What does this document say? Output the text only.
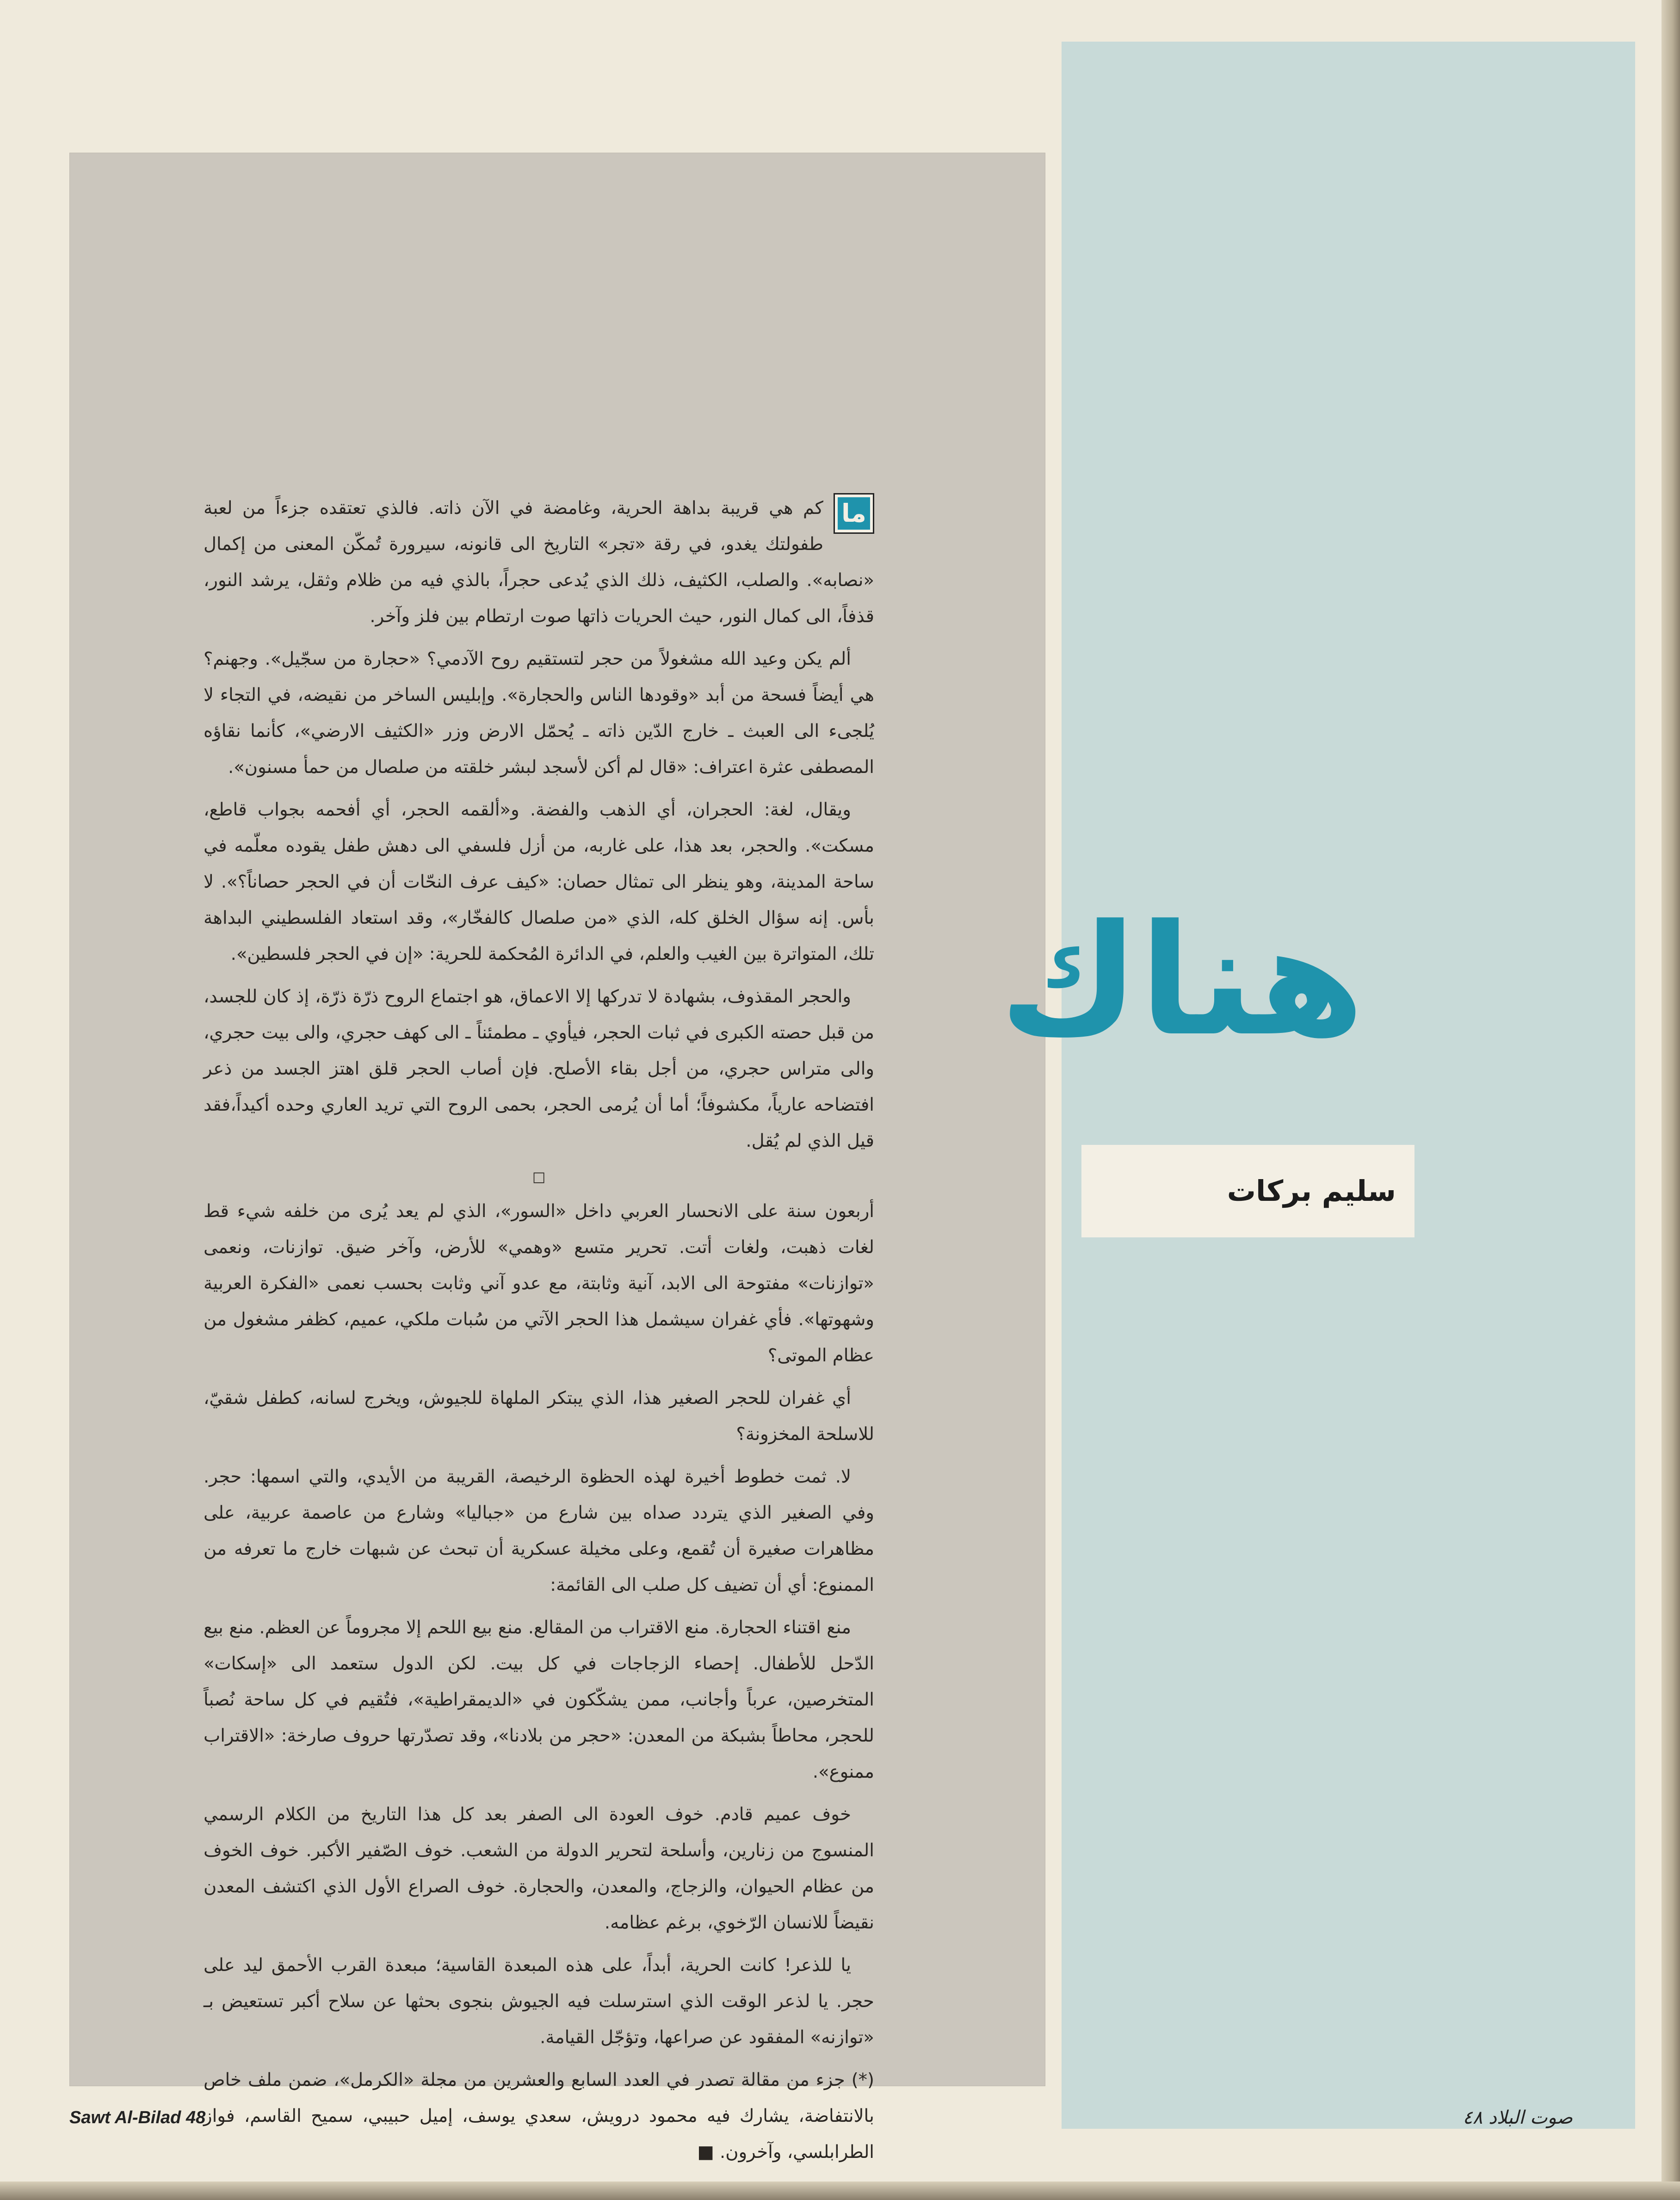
هناك
سليم بركات
ما

كم هي قريبة بداهة الحرية، وغامضة في الآن ذاته. فالذي تعتقده جزءاً من لعبة طفولتك يغدو، في رقة «تجر» التاريخ الى قانونه، سيرورة تُمكّن المعنى من إكمال «نصابه». والصلب، الكثيف، ذلك الذي يُدعى حجراً، بالذي فيه من ظلام وثقل، يرشد النور، قذفاً، الى كمال النور، حيث الحريات ذاتها صوت ارتطام بين فلز وآخر.

ألم يكن وعيد الله مشغولاً من حجر لتستقيم روح الآدمي؟ «حجارة من سجّيل». وجهنم؟ هي أيضاً فسحة من أبد «وقودها الناس والحجارة». وإبليس الساخر من نقيضه، في التجاء لا يُلجىء الى العبث ـ خارج الدّين ذاته ـ يُحمّل الارض وزر «الكثيف الارضي»، كأنما نقاؤه المصطفى عثرة اعتراف: «قال لم أكن لأسجد لبشر خلقته من صلصال من حمأ مسنون».

ويقال، لغة: الحجران، أي الذهب والفضة. و«ألقمه الحجر، أي أفحمه بجواب قاطع، مسكت». والحجر، بعد هذا، على غاربه، من أزل فلسفي الى دهش طفل يقوده معلّمه في ساحة المدينة، وهو ينظر الى تمثال حصان: «كيف عرف النحّات أن في الحجر حصاناً؟». لا بأس. إنه سؤال الخلق كله، الذي «من صلصال كالفخّار»، وقد استعاد الفلسطيني البداهة تلك، المتواترة بين الغيب والعلم، في الدائرة المُحكمة للحرية: «إن في الحجر فلسطين».

والحجر المقذوف، بشهادة لا تدركها إلا الاعماق، هو اجتماع الروح ذرّة ذرّة، إذ كان للجسد، من قبل حصته الكبرى في ثبات الحجر، فيأوي ـ مطمئناً ـ الى كهف حجري، والى بيت حجري، والى متراس حجري، من أجل بقاء الأصلح. فإن أصاب الحجر قلق اهتز الجسد من ذعر افتضاحه عارياً، مكشوفاً؛ أما أن يُرمى الحجر، بحمى الروح التي تريد العاري وحده أكيداً،فقد قيل الذي لم يُقل.

□

أربعون سنة على الانحسار العربي داخل «السور»، الذي لم يعد يُرى من خلفه شيء قط لغات ذهبت، ولغات أتت. تحرير متسع «وهمي» للأرض، وآخر ضيق. توازنات، ونعمى «توازنات» مفتوحة الى الابد، آنية وثابتة، مع عدو آني وثابت بحسب نعمى «الفكرة العربية وشهوتها». فأي غفران سيشمل هذا الحجر الآتي من سُبات ملكي، عميم، كظفر مشغول من عظام الموتى؟

أي غفران للحجر الصغير هذا، الذي يبتكر الملهاة للجيوش، ويخرج لسانه، كطفل شقيّ، للاسلحة المخزونة؟

لا. ثمت خطوط أخيرة لهذه الحظوة الرخيصة، القريبة من الأيدي، والتي اسمها: حجر. وفي الصغير الذي يتردد صداه بين شارع من «جباليا» وشارع من عاصمة عربية، على مظاهرات صغيرة أن تُقمع، وعلى مخيلة عسكرية أن تبحث عن شبهات خارج ما تعرفه من الممنوع: أي أن تضيف كل صلب الى القائمة:

منع اقتناء الحجارة. منع الاقتراب من المقالع. منع بيع اللحم إلا مجروماً عن العظم. منع بيع الدّحل للأطفال. إحصاء الزجاجات في كل بيت. لكن الدول ستعمد الى «إسكات» المتخرصين، عرباً وأجانب، ممن يشكّكون في «الديمقراطية»، فتُقيم في كل ساحة نُصباً للحجر، محاطاً بشبكة من المعدن: «حجر من بلادنا»، وقد تصدّرتها حروف صارخة: «الاقتراب ممنوع».

خوف عميم قادم. خوف العودة الى الصفر بعد كل هذا التاريخ من الكلام الرسمي المنسوج من زنارين، وأسلحة لتحرير الدولة من الشعب. خوف الصّفير الأكبر. خوف الخوف من عظام الحيوان، والزجاج، والمعدن، والحجارة. خوف الصراع الأول الذي اكتشف المعدن نقيضاً للانسان الرّخوي، برغم عظامه.

يا للذعر! كانت الحرية، أبداً، على هذه المبعدة القاسية؛ مبعدة القرب الأحمق ليد على حجر. يا لذعر الوقت الذي استرسلت فيه الجيوش بنجوى بحثها عن سلاح أكبر تستعيض بـ «توازنه» المفقود عن صراعها، وتؤجّل القيامة.

(*) جزء من مقالة تصدر في العدد السابع والعشرين من مجلة «الكرمل»، ضمن ملف خاص بالانتفاضة، يشارك فيه محمود درويش، سعدي يوسف، إميل حبيبي، سميح القاسم، فواز الطرابلسي، وآخرون. ■

Sawt Al-Bilad 48	صوت البلاد ٤٨
